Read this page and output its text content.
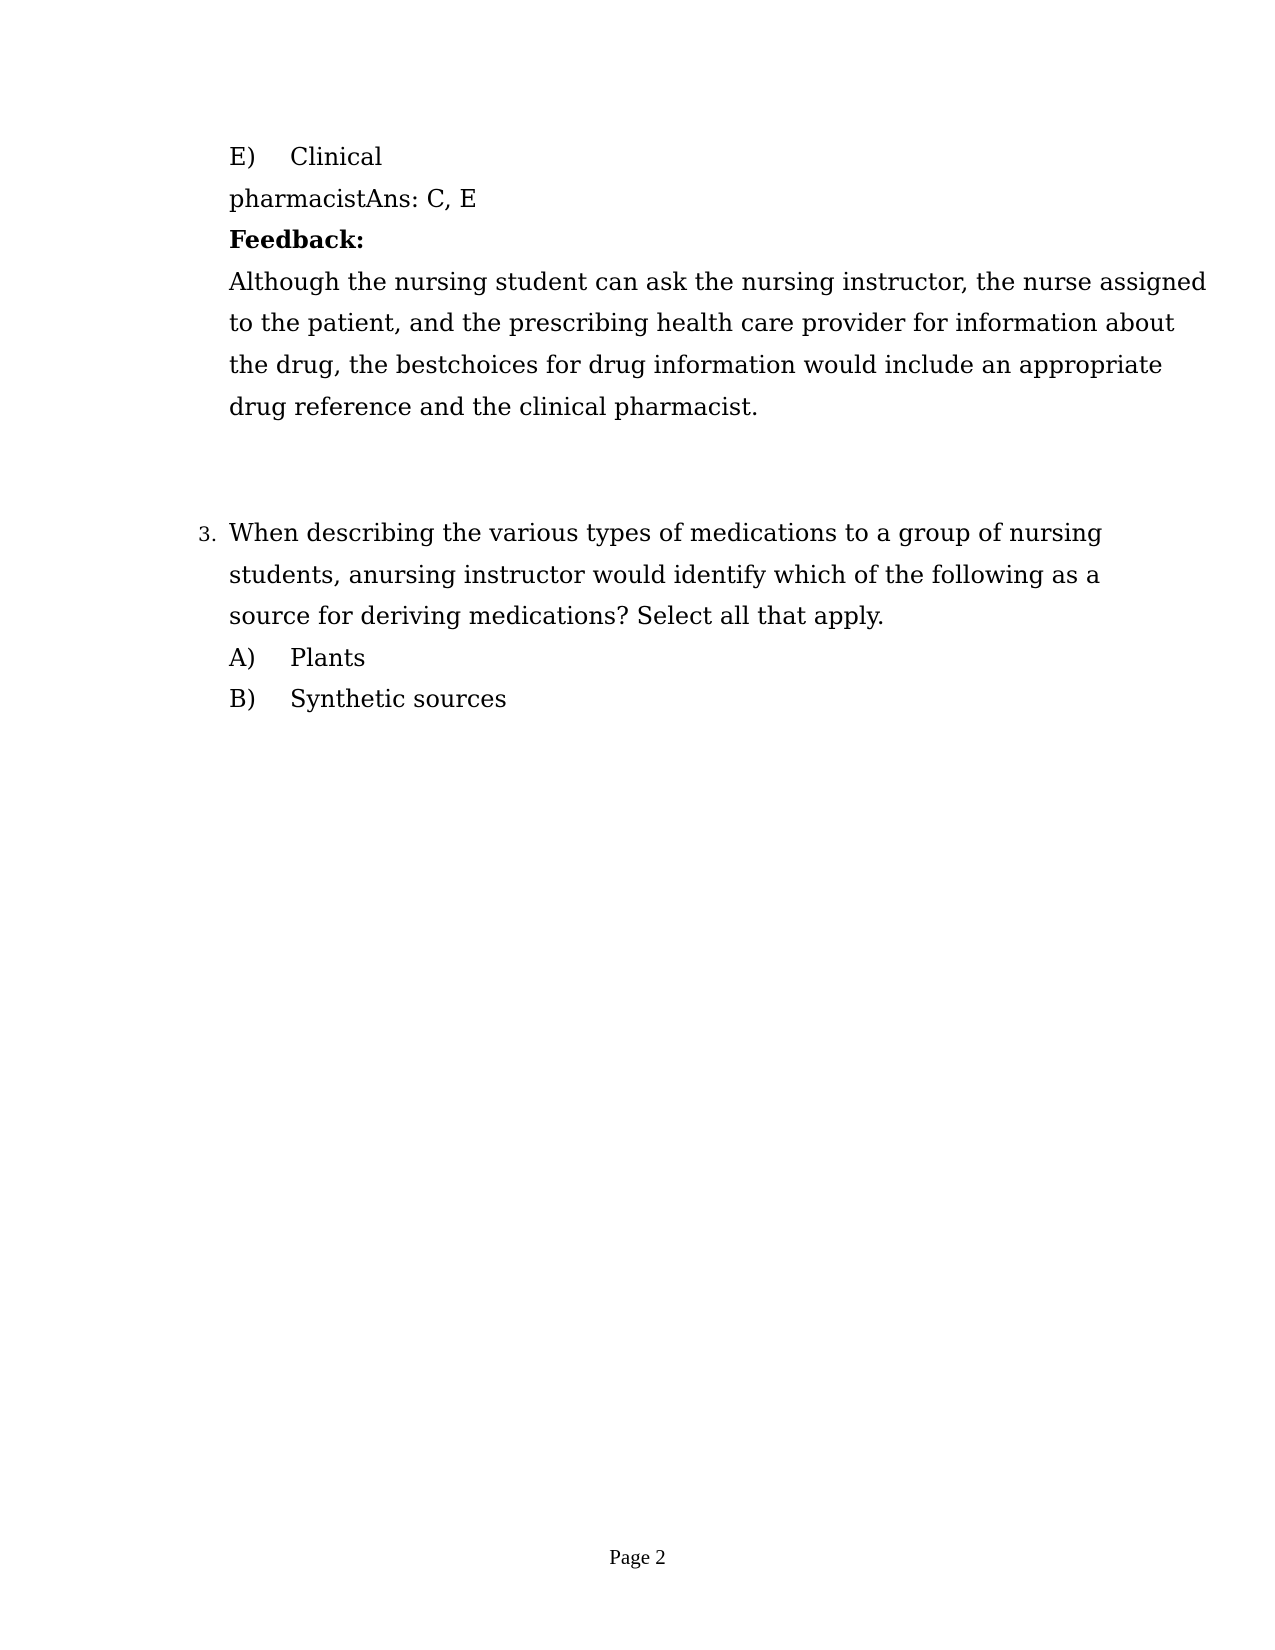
E) Clinical
pharmacistAns: C, E
Feedback:
Although the nursing student can ask the nursing instructor, the nurse assigned
to the patient, and the prescribing health care provider for information about
the drug, the bestchoices for drug information would include an appropriate
drug reference and the clinical pharmacist.
3. When describing the various types of medications to a group of nursing
students, anursing instructor would identify which of the following as a
source for deriving medications? Select all that apply.
A) Plants
B) Synthetic sources
Page 2
